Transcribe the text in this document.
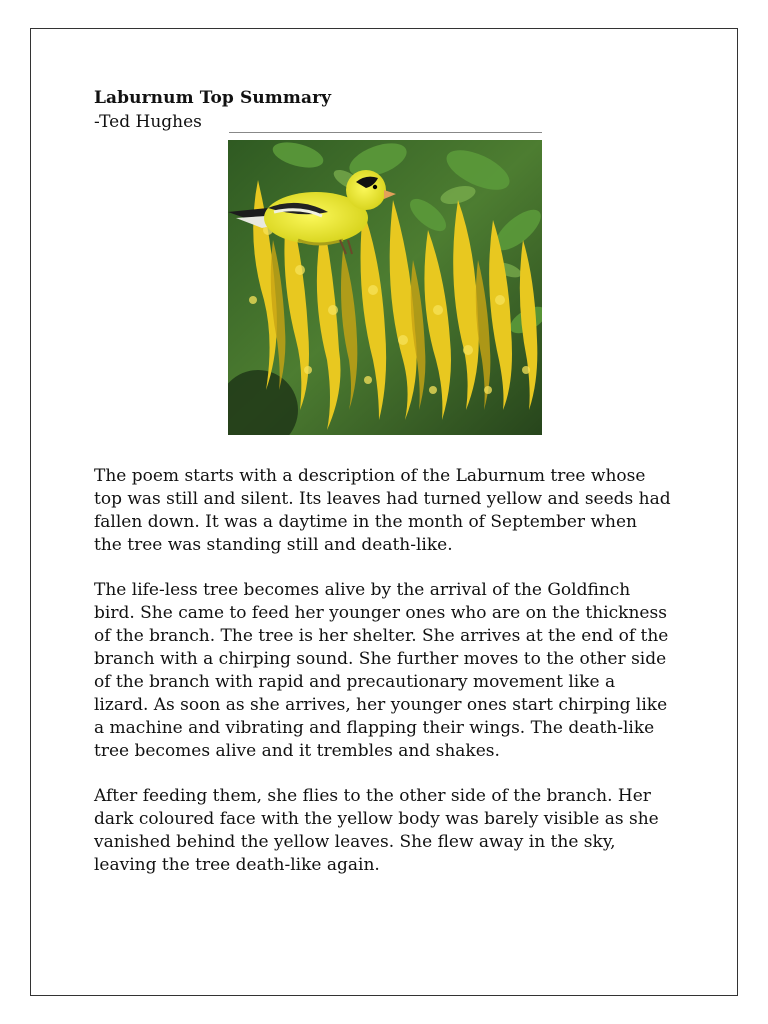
Laburnum Top Summary
-Ted Hughes

The poem starts with a description of the Laburnum tree whose
top was still and silent. Its leaves had turned yellow and seeds had
fallen down. It was a daytime in the month of September when
the tree was standing still and death-like.

The life-less tree becomes alive by the arrival of the Goldfinch
bird. She came to feed her younger ones who are on the thickness
of the branch. The tree is her shelter. She arrives at the end of the
branch with a chirping sound. She further moves to the other side
of the branch with rapid and precautionary movement like a
lizard. As soon as she arrives, her younger ones start chirping like
a machine and vibrating and flapping their wings. The death-like
tree becomes alive and it trembles and shakes.

After feeding them, she flies to the other side of the branch. Her
dark coloured face with the yellow body was barely visible as she
vanished behind the yellow leaves. She flew away in the sky,
leaving the tree death-like again.
